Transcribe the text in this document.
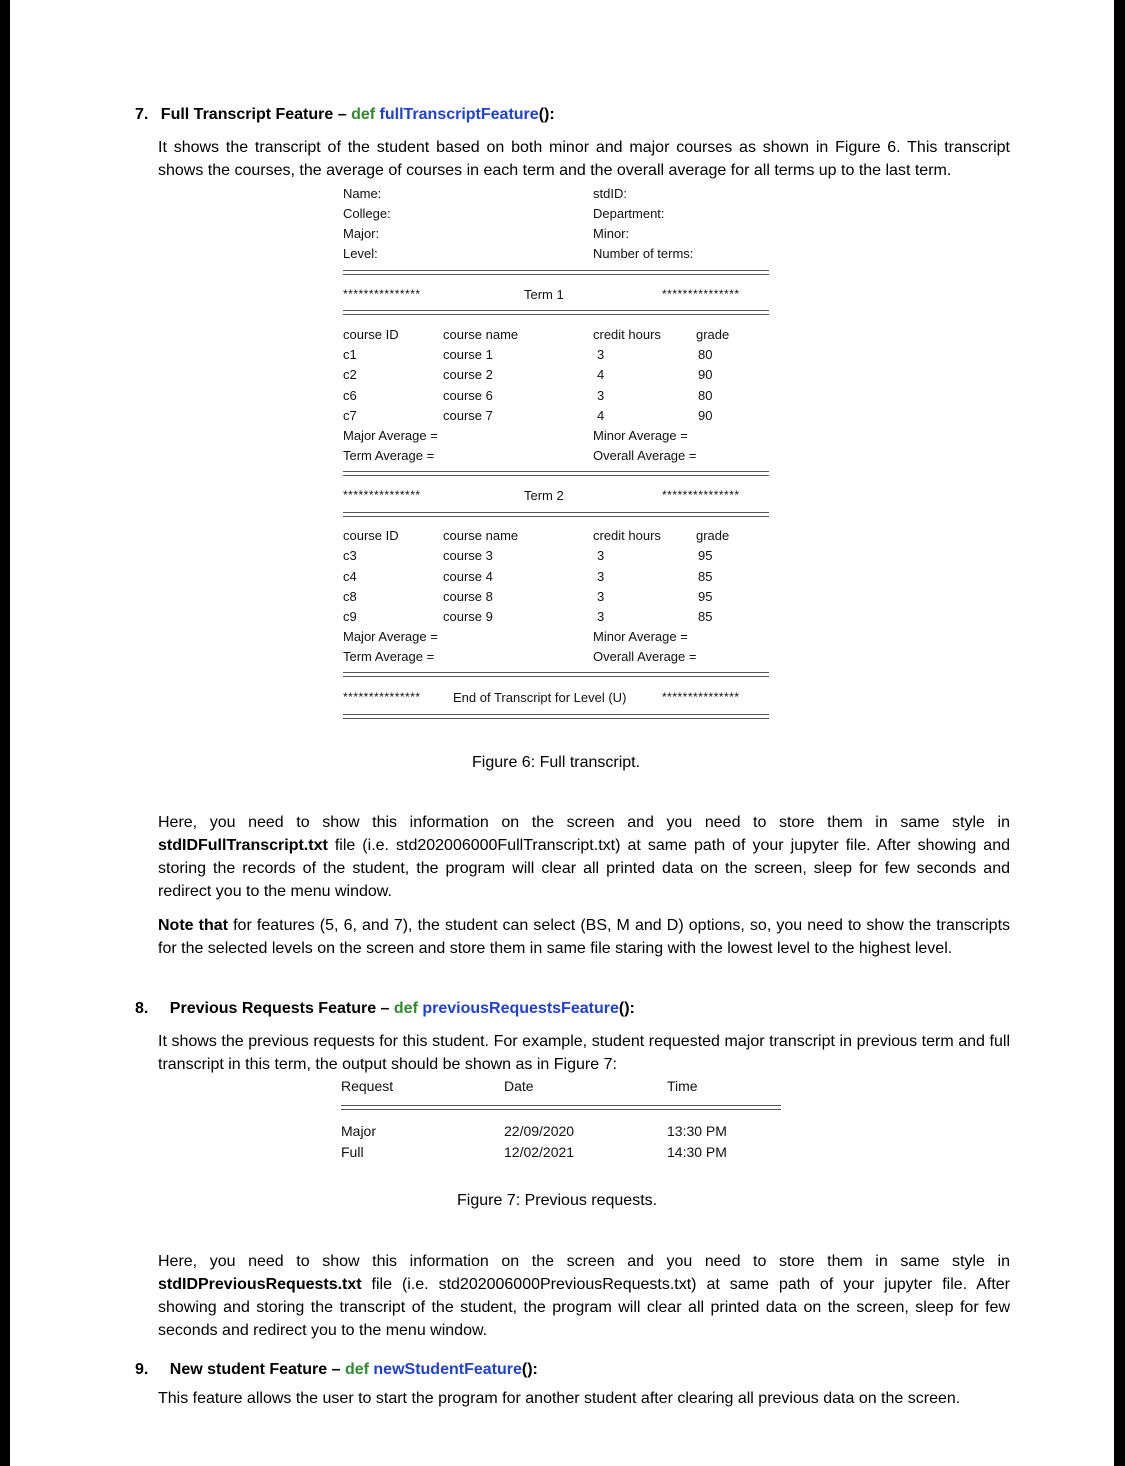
7. Full Transcript Feature – def fullTranscriptFeature():
It shows the transcript of the student based on both minor and major courses as shown in Figure 6. This transcript shows the courses, the average of courses in each term and the overall average for all terms up to the last term.
Name:	stdID:
College:	Department:
Major:	Minor:
Level:	Number of terms:
***************	Term 1	***************
course ID	course name	credit hours	grade
c1	course 1	3	80
c2	course 2	4	90
c6	course 6	3	80
c7	course 7	4	90
Major Average =	Minor Average =
Term Average =	Overall Average =
***************	Term 2	***************
course ID	course name	credit hours	grade
c3	course 3	3	95
c4	course 4	3	85
c8	course 8	3	95
c9	course 9	3	85
Major Average =	Minor Average =
Term Average =	Overall Average =
*************** End of Transcript for Level (U)	***************
Figure 6: Full transcript.
Here, you need to show this information on the screen and you need to store them in same style in stdIDFullTranscript.txt file (i.e. std202006000FullTranscript.txt) at same path of your jupyter file. After showing and storing the records of the student, the program will clear all printed data on the screen, sleep for few seconds and redirect you to the menu window.
Note that for features (5, 6, and 7), the student can select (BS, M and D) options, so, you need to show the transcripts for the selected levels on the screen and store them in same file staring with the lowest level to the highest level.
8. Previous Requests Feature – def previousRequestsFeature():
It shows the previous requests for this student. For example, student requested major transcript in previous term and full transcript in this term, the output should be shown as in Figure 7:
Request	Date	Time
Major	22/09/2020	13:30 PM
Full	12/02/2021	14:30 PM
Figure 7: Previous requests.
Here, you need to show this information on the screen and you need to store them in same style in stdIDPreviousRequests.txt file (i.e. std202006000PreviousRequests.txt) at same path of your jupyter file. After showing and storing the transcript of the student, the program will clear all printed data on the screen, sleep for few seconds and redirect you to the menu window.
9. New student Feature – def newStudentFeature():
This feature allows the user to start the program for another student after clearing all previous data on the screen.
